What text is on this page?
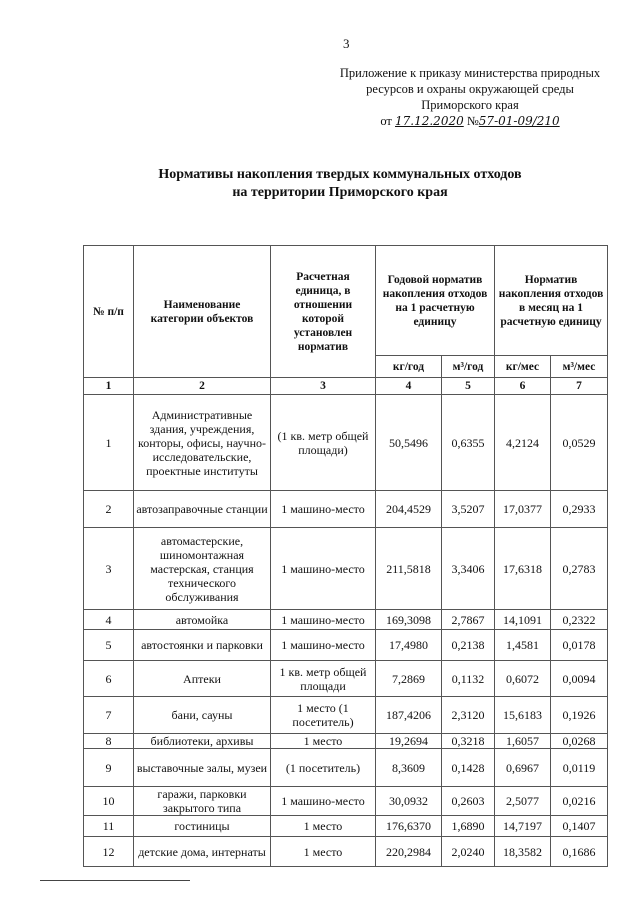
3
Приложение к приказу министерства природных
ресурсов и охраны окружающей среды
Приморского края
от 17.12.2020 №57-01-09/210
Нормативы накопления твердых коммунальных отходов
на территории Приморского края
№ п/п	Наименование категории объектов	Расчетная единица, в отношении которой установлен норматив	Годовой норматив накопления отходов на 1 расчетную единицу		Норматив накопления отходов в месяц на 1 расчетную единицу	
			кг/год	м³/год	кг/мес	м³/мес
1	2	3	4	5	6	7
1	Административные здания, учреждения, конторы, офисы, научно-исследовательские, проектные институты	(1 кв. метр общей площади)	50,5496	0,6355	4,2124	0,0529
2	автозаправочные станции	1 машино-место	204,4529	3,5207	17,0377	0,2933
3	автомастерские, шиномонтажная мастерская, станция технического обслуживания	1 машино-место	211,5818	3,3406	17,6318	0,2783
4	автомойка	1 машино-место	169,3098	2,7867	14,1091	0,2322
5	автостоянки и парковки	1 машино-место	17,4980	0,2138	1,4581	0,0178
6	Аптеки	1 кв. метр общей площади	7,2869	0,1132	0,6072	0,0094
7	бани, сауны	1 место (1 посетитель)	187,4206	2,3120	15,6183	0,1926
8	библиотеки, архивы	1 место	19,2694	0,3218	1,6057	0,0268
9	выставочные залы, музеи	(1 посетитель)	8,3609	0,1428	0,6967	0,0119
10	гаражи, парковки закрытого типа	1 машино-место	30,0932	0,2603	2,5077	0,0216
11	гостиницы	1 место	176,6370	1,6890	14,7197	0,1407
12	детские дома, интернаты	1 место	220,2984	2,0240	18,3582	0,1686
